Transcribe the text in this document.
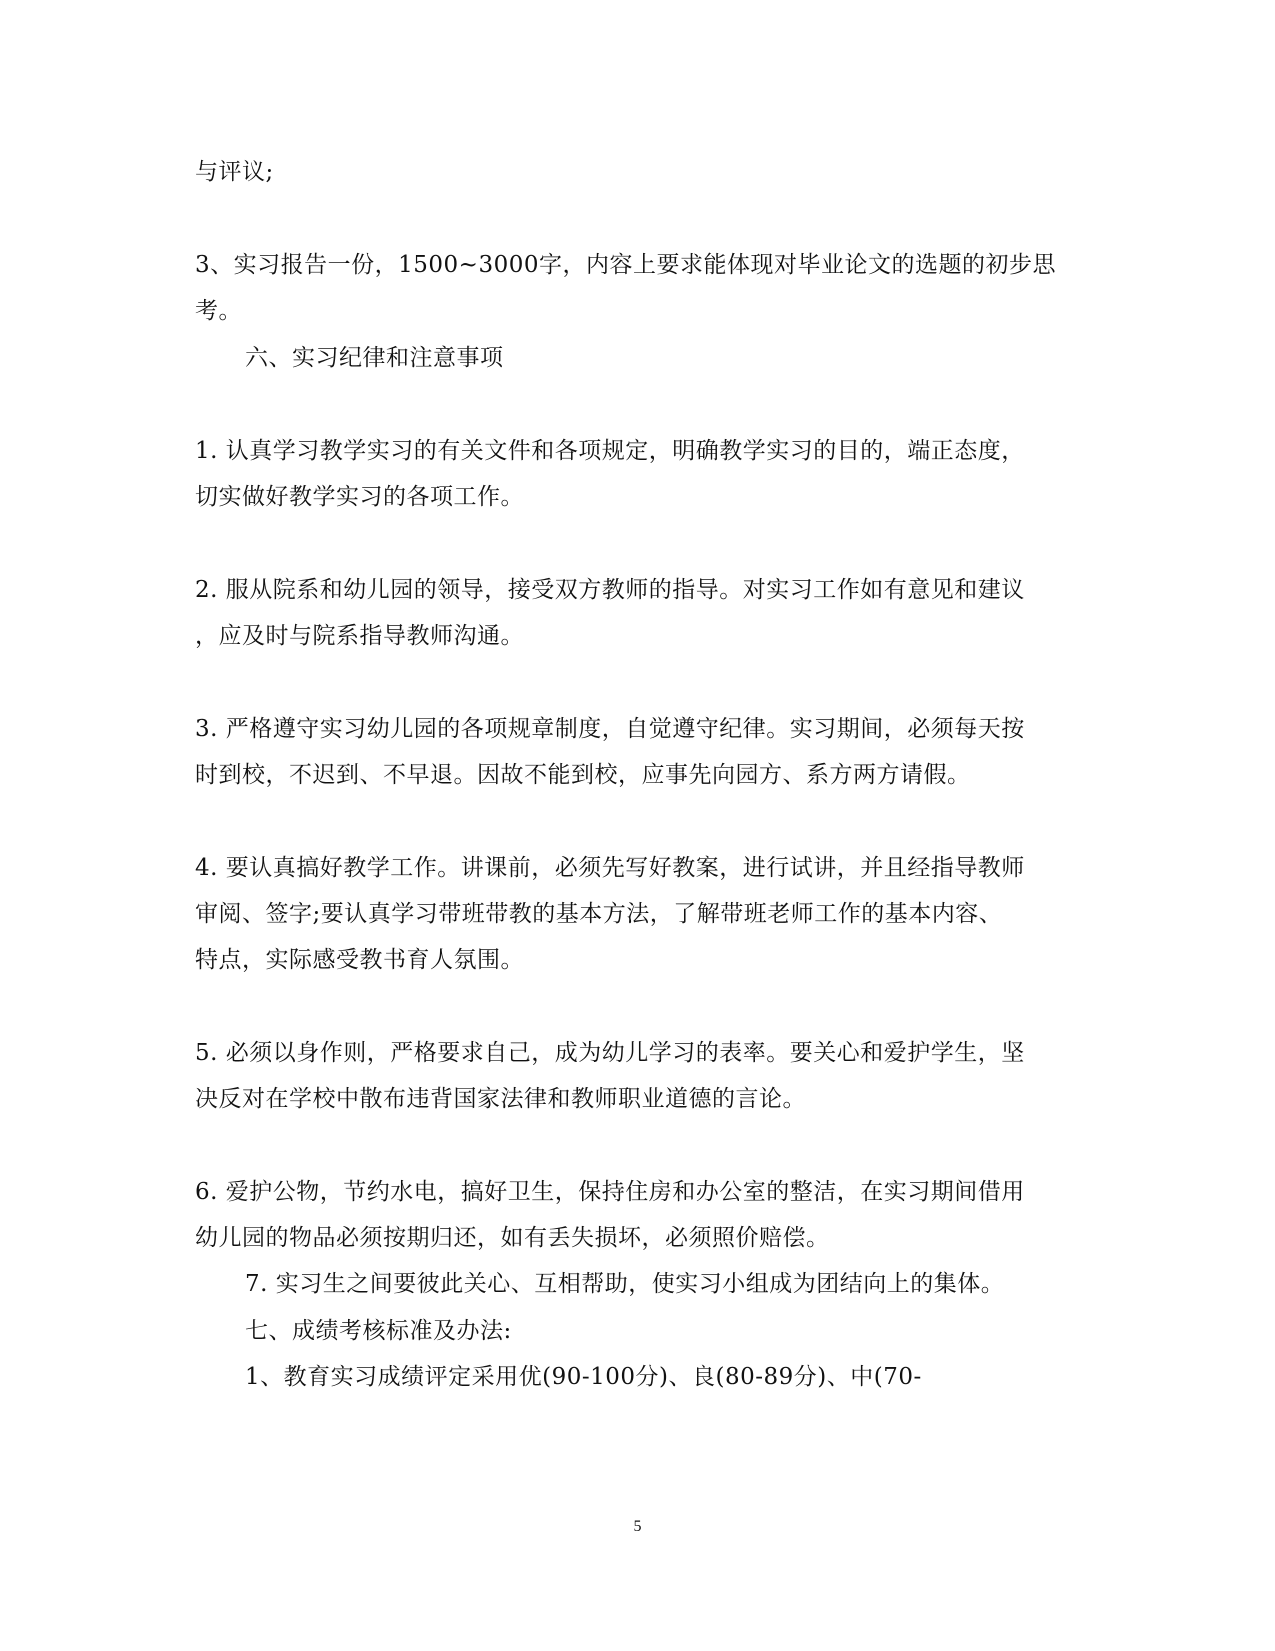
与评议;
3、实习报告一份，1500~3000字，内容上要求能体现对毕业论文的选题的初步思
考。
六、实习纪律和注意事项
1. 认真学习教学实习的有关文件和各项规定，明确教学实习的目的，端正态度，
切实做好教学实习的各项工作。
2. 服从院系和幼儿园的领导，接受双方教师的指导。对实习工作如有意见和建议
，应及时与院系指导教师沟通。
3. 严格遵守实习幼儿园的各项规章制度，自觉遵守纪律。实习期间，必须每天按
时到校，不迟到、不早退。因故不能到校，应事先向园方、系方两方请假。
4. 要认真搞好教学工作。讲课前，必须先写好教案，进行试讲，并且经指导教师
审阅、签字;要认真学习带班带教的基本方法，了解带班老师工作的基本内容、
特点，实际感受教书育人氛围。
5. 必须以身作则，严格要求自己，成为幼儿学习的表率。要关心和爱护学生，坚
决反对在学校中散布违背国家法律和教师职业道德的言论。
6. 爱护公物，节约水电，搞好卫生，保持住房和办公室的整洁，在实习期间借用
幼儿园的物品必须按期归还，如有丢失损坏，必须照价赔偿。
7. 实习生之间要彼此关心、互相帮助，使实习小组成为团结向上的集体。
七、成绩考核标准及办法:
1、教育实习成绩评定采用优(90-100分)、良(80-89分)、中(70-
5
